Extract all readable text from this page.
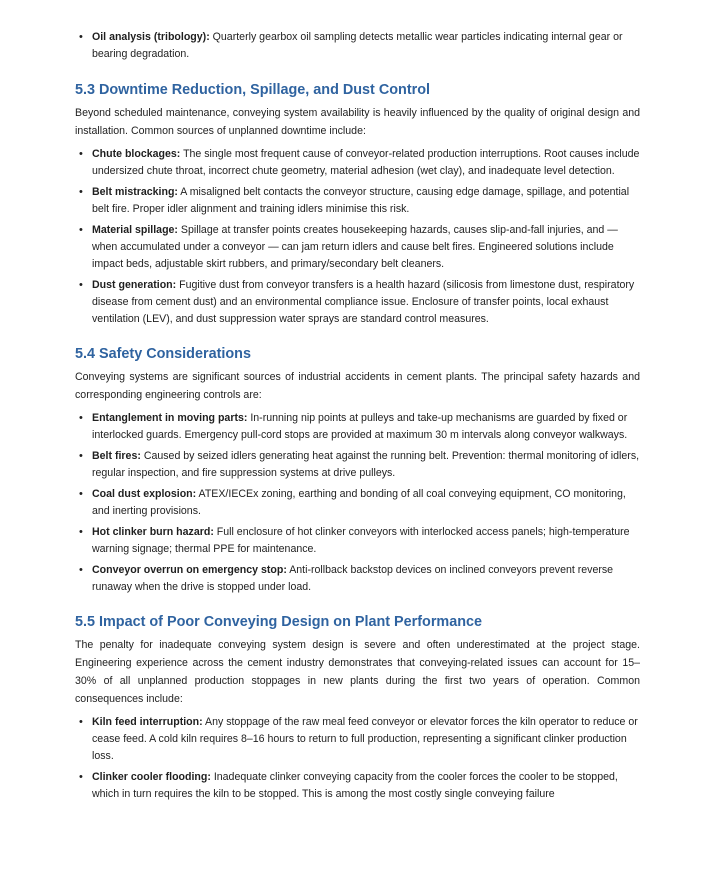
• Oil analysis (tribology): Quarterly gearbox oil sampling detects metallic wear particles indicating internal gear or bearing degradation.
5.3 Downtime Reduction, Spillage, and Dust Control

Beyond scheduled maintenance, conveying system availability is heavily influenced by the quality of original design and installation. Common sources of unplanned downtime include:

• Chute blockages: The single most frequent cause of conveyor-related production interruptions. Root causes include undersized chute throat, incorrect chute geometry, material adhesion (wet clay), and inadequate level detection.
• Belt mistracking: A misaligned belt contacts the conveyor structure, causing edge damage, spillage, and potential belt fire. Proper idler alignment and training idlers minimise this risk.
• Material spillage: Spillage at transfer points creates housekeeping hazards, causes slip-and-fall injuries, and — when accumulated under a conveyor — can jam return idlers and cause belt fires. Engineered solutions include impact beds, adjustable skirt rubbers, and primary/secondary belt cleaners.
• Dust generation: Fugitive dust from conveyor transfers is a health hazard (silicosis from limestone dust, respiratory disease from cement dust) and an environmental compliance issue. Enclosure of transfer points, local exhaust ventilation (LEV), and dust suppression water sprays are standard control measures.
5.4 Safety Considerations

Conveying systems are significant sources of industrial accidents in cement plants. The principal safety hazards and corresponding engineering controls are:

• Entanglement in moving parts: In-running nip points at pulleys and take-up mechanisms are guarded by fixed or interlocked guards. Emergency pull-cord stops are provided at maximum 30 m intervals along conveyor walkways.
• Belt fires: Caused by seized idlers generating heat against the running belt. Prevention: thermal monitoring of idlers, regular inspection, and fire suppression systems at drive pulleys.
• Coal dust explosion: ATEX/IECEx zoning, earthing and bonding of all coal conveying equipment, CO monitoring, and inerting provisions.
• Hot clinker burn hazard: Full enclosure of hot clinker conveyors with interlocked access panels; high-temperature warning signage; thermal PPE for maintenance.
• Conveyor overrun on emergency stop: Anti-rollback backstop devices on inclined conveyors prevent reverse runaway when the drive is stopped under load.
5.5 Impact of Poor Conveying Design on Plant Performance

The penalty for inadequate conveying system design is severe and often underestimated at the project stage. Engineering experience across the cement industry demonstrates that conveying-related issues can account for 15–30% of all unplanned production stoppages in new plants during the first two years of operation. Common consequences include:

• Kiln feed interruption: Any stoppage of the raw meal feed conveyor or elevator forces the kiln operator to reduce or cease feed. A cold kiln requires 8–16 hours to return to full production, representing a significant clinker production loss.
• Clinker cooler flooding: Inadequate clinker conveying capacity from the cooler forces the cooler to be stopped, which in turn requires the kiln to be stopped. This is among the most costly single conveying failure
